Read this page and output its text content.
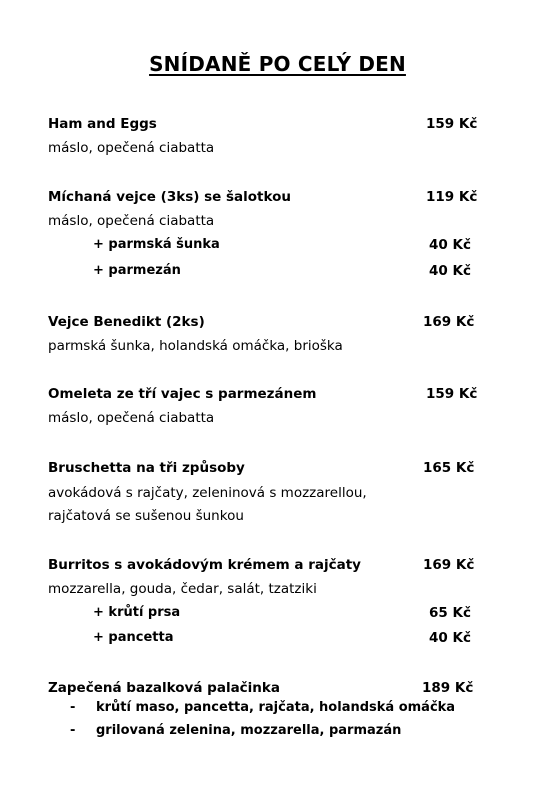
SNÍDANĚ PO CELÝ DEN
Ham and Eggs	159 Kč
máslo, opečená ciabatta
Míchaná vejce (3ks) se šalotkou	119 Kč
máslo, opečená ciabatta
+ parmská šunka	40 Kč
+ parmezán	40 Kč
Vejce Benedikt (2ks)	169 Kč
parmská šunka, holandská omáčka, brioška
Omeleta ze tří vajec s parmezánem	159 Kč
máslo, opečená ciabatta
Bruschetta na tři způsoby	165 Kč
avokádová s rajčaty, zeleninová s mozzarellou,
rajčatová se sušenou šunkou
Burritos s avokádovým krémem a rajčaty	169 Kč
mozzarella, gouda, čedar, salát, tzatziki
+ krůtí prsa	65 Kč
+ pancetta	40 Kč
Zapečená bazalková palačinka	189 Kč
- krůtí maso, pancetta, rajčata, holandská omáčka
- grilovaná zelenina, mozzarella, parmazán
